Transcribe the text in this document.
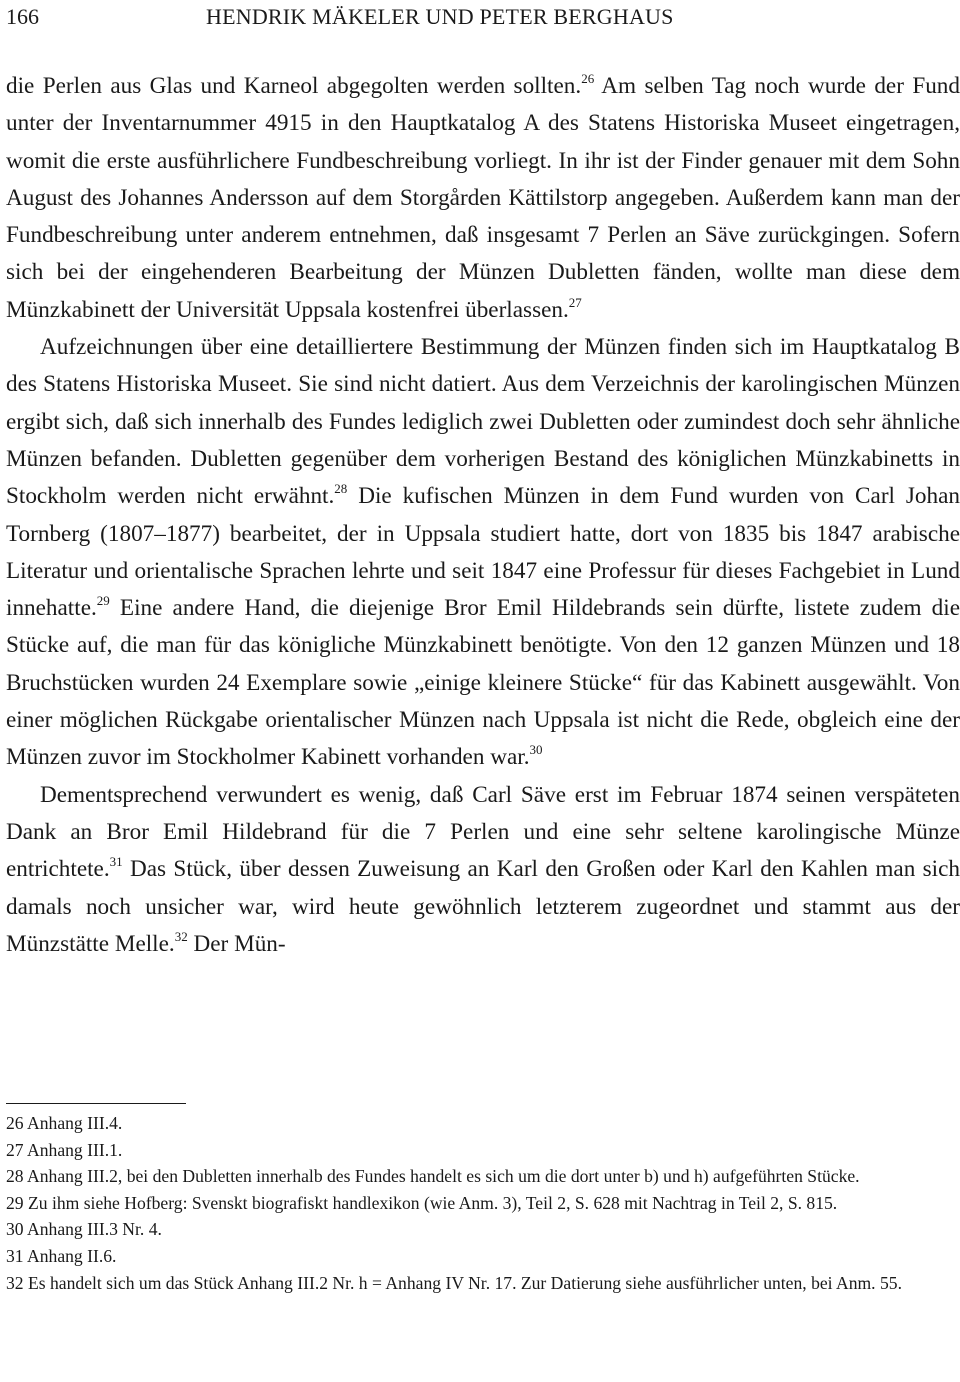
166	HENDRIK MÄKELER UND PETER BERGHAUS

die Perlen aus Glas und Karneol abgegolten werden sollten.$^{26}$ Am selben Tag noch wurde der Fund unter der Inventarnummer 4915 in den Hauptkatalog A des Statens Historiska Museet eingetragen, womit die erste ausführlichere Fundbeschreibung vorliegt. In ihr ist der Finder genauer mit dem Sohn August des Johannes Andersson auf dem Storgården Kättilstorp angegeben. Außerdem kann man der Fundbeschreibung unter anderem entnehmen, daß insgesamt 7 Perlen an Säve zurückgingen. Sofern sich bei der eingehenderen Bearbeitung der Münzen Dubletten fänden, wollte man diese dem Münzkabinett der Universität Uppsala kostenfrei überlassen.$^{27}$

Aufzeichnungen über eine detailliertere Bestimmung der Münzen finden sich im Hauptkatalog B des Statens Historiska Museet. Sie sind nicht datiert. Aus dem Verzeichnis der karolingischen Münzen ergibt sich, daß sich innerhalb des Fundes lediglich zwei Dubletten oder zumindest doch sehr ähnliche Münzen befanden. Dubletten gegenüber dem vorherigen Bestand des königlichen Münzkabinetts in Stockholm werden nicht erwähnt.$^{28}$ Die kufischen Münzen in dem Fund wurden von Carl Johan Tornberg (1807–1877) bearbeitet, der in Uppsala studiert hatte, dort von 1835 bis 1847 arabische Literatur und orientalische Sprachen lehrte und seit 1847 eine Professur für dieses Fachgebiet in Lund innehatte.$^{29}$ Eine andere Hand, die diejenige Bror Emil Hildebrands sein dürfte, listete zudem die Stücke auf, die man für das königliche Münzkabinett benötigte. Von den 12 ganzen Münzen und 18 Bruchstücken wurden 24 Exemplare sowie „einige kleinere Stücke“ für das Kabinett ausgewählt. Von einer möglichen Rückgabe orientalischer Münzen nach Uppsala ist nicht die Rede, obgleich eine der Münzen zuvor im Stockholmer Kabinett vorhanden war.$^{30}$

Dementsprechend verwundert es wenig, daß Carl Säve erst im Februar 1874 seinen verspäteten Dank an Bror Emil Hildebrand für die 7 Perlen und eine sehr seltene karolingische Münze entrichtete.$^{31}$ Das Stück, über dessen Zuweisung an Karl den Großen oder Karl den Kahlen man sich damals noch unsicher war, wird heute gewöhnlich letzterem zugeordnet und stammt aus der Münzstätte Melle.$^{32}$ Der Mün-

26 Anhang III.4.

27 Anhang III.1.

28 Anhang III.2, bei den Dubletten innerhalb des Fundes handelt es sich um die dort unter b) und h) aufgeführten Stücke.

29 Zu ihm siehe Hofberg: Svenskt biografiskt handlexikon (wie Anm. 3), Teil 2, S. 628 mit Nachtrag in Teil 2, S. 815.

30 Anhang III.3 Nr. 4.

31 Anhang II.6.

32 Es handelt sich um das Stück Anhang III.2 Nr. h = Anhang IV Nr. 17. Zur Datierung siehe ausführlicher unten, bei Anm. 55.
